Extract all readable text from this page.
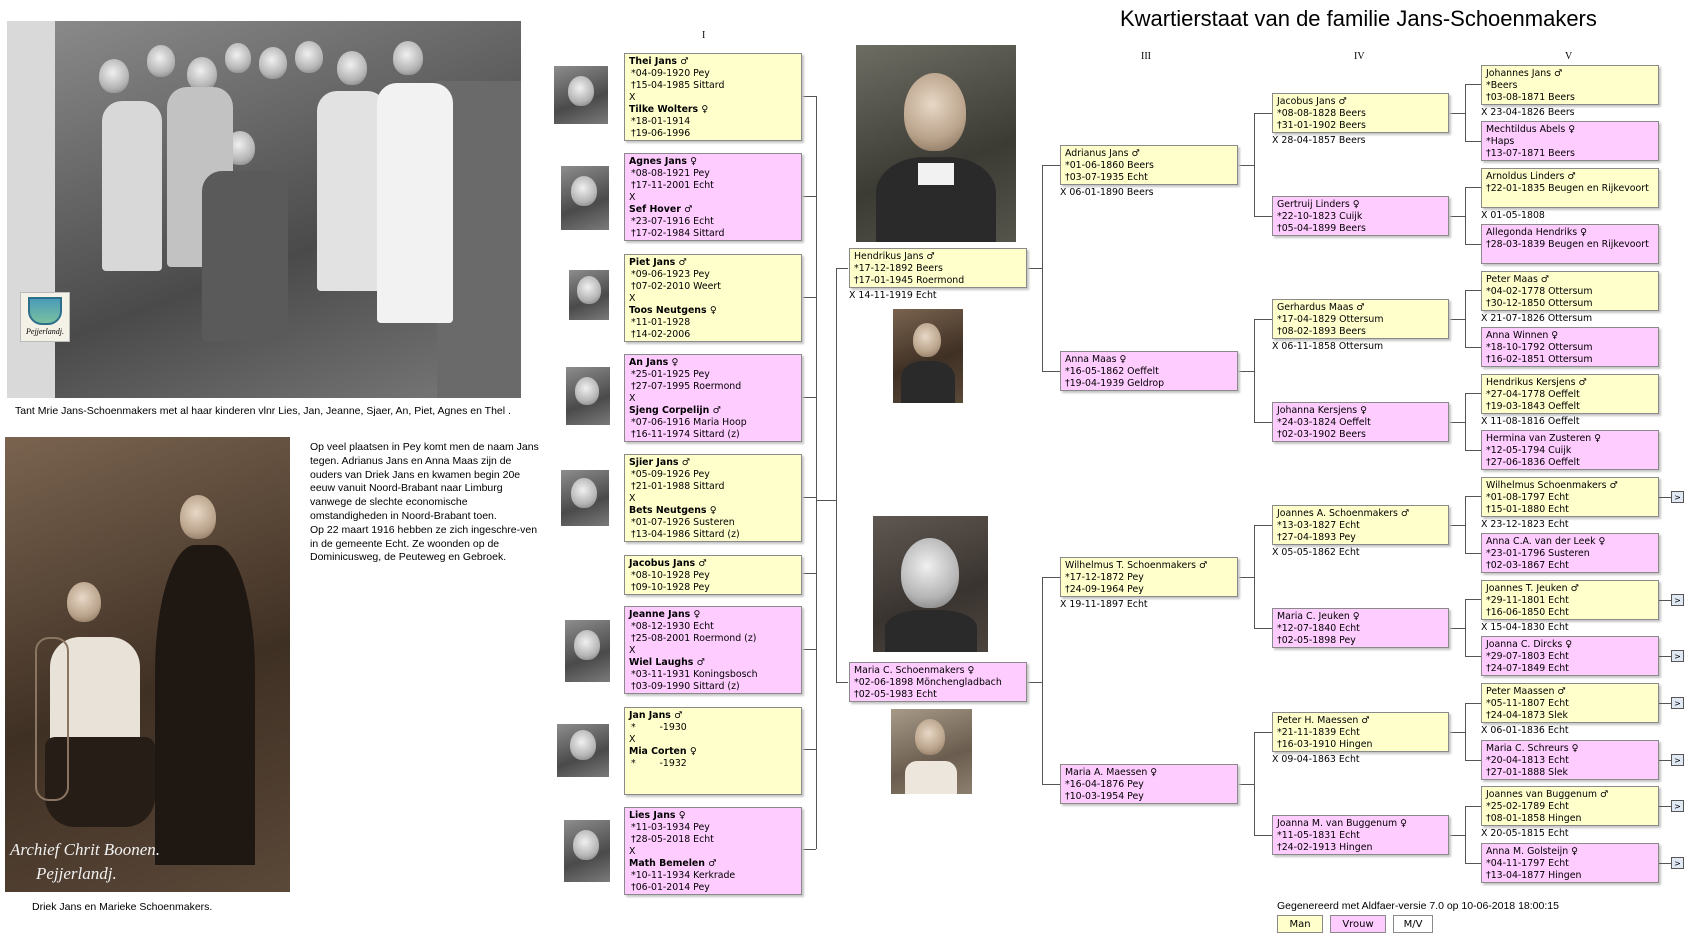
Kwartierstaat van de familie Jans-Schoenmakers
I
III	IV	V
Pejjerlandj.
Tant Mrie Jans-Schoenmakers met al haar kinderen vlnr Lies, Jan, Jeanne, Sjaer, An, Piet, Agnes en Thel .
Archief Chrit Boonen.
Pejjerlandj.
Driek Jans en Marieke Schoenmakers.
Op veel plaatsen in Pey komt men de naam Jans tegen. Adrianus Jans en Anna Maas zijn de ouders van Driek Jans en kwamen begin 20e eeuw vanuit Noord-Brabant naar Limburg vanwege de slechte economische omstandigheden in Noord-Brabant toen.
Op 22 maart 1916 hebben ze zich ingeschre-ven in de gemeente Echt. Ze woonden op de Dominicusweg, de Peuteweg en Gebroek.
Thei Jans ♂
*04-09-1920 Pey
†15-04-1985 Sittard
X
Tilke Wolters ♀
*18-01-1914
†19-06-1996
Agnes Jans ♀
*08-08-1921 Pey
†17-11-2001 Echt
X
Sef Hover ♂
*23-07-1916 Echt
†17-02-1984 Sittard
Piet Jans ♂
*09-06-1923 Pey
†07-02-2010 Weert
X
Toos Neutgens ♀
*11-01-1928
†14-02-2006
An Jans ♀
*25-01-1925 Pey
†27-07-1995 Roermond
X
Sjeng Corpelijn ♂
*07-06-1916 Maria Hoop
†16-11-1974 Sittard (z)
Sjier Jans ♂
*05-09-1926 Pey
†21-01-1988 Sittard
X
Bets Neutgens ♀
*01-07-1926 Susteren
†13-04-1986 Sittard (z)
Jacobus Jans ♂
*08-10-1928 Pey
†09-10-1928 Pey
Jeanne Jans ♀
*08-12-1930 Echt
†25-08-2001 Roermond (z)
X
Wiel Laughs ♂
*03-11-1931 Koningsbosch
†03-09-1990 Sittard (z)
Jan Jans ♂
*        -1930
X
Mia Corten ♀
*        -1932
Lies Jans ♀
*11-03-1934 Pey
†28-05-2018 Echt
X
Math Bemelen ♂
*10-11-1934 Kerkrade
†06-01-2014 Pey
Hendrikus Jans ♂
*17-12-1892 Beers
†17-01-1945 Roermond
X 14-11-1919 Echt
Maria C. Schoenmakers ♀
*02-06-1898 Mönchengladbach
†02-05-1983 Echt
Adrianus Jans ♂
*01-06-1860 Beers
†03-07-1935 Echt
X 06-01-1890 Beers
Anna Maas ♀
*16-05-1862 Oeffelt
†19-04-1939 Geldrop
Wilhelmus T. Schoenmakers ♂
*17-12-1872 Pey
†24-09-1964 Pey
X 19-11-1897 Echt
Maria A. Maessen ♀
*16-04-1876 Pey
†10-03-1954 Pey
Jacobus Jans ♂
*08-08-1828 Beers
†31-01-1902 Beers
X 28-04-1857 Beers
Gertruij Linders ♀
*22-10-1823 Cuijk
†05-04-1899 Beers
Gerhardus Maas ♂
*17-04-1829 Ottersum
†08-02-1893 Beers
X 06-11-1858 Ottersum
Johanna Kersjens ♀
*24-03-1824 Oeffelt
†02-03-1902 Beers
Joannes A. Schoenmakers ♂
*13-03-1827 Echt
†27-04-1893 Pey
X 05-05-1862 Echt
Maria C. Jeuken ♀
*12-07-1840 Echt
†02-05-1898 Pey
Peter H. Maessen ♂
*21-11-1839 Echt
†16-03-1910 Hingen
X 09-04-1863 Echt
Joanna M. van Buggenum ♀
*11-05-1831 Echt
†24-02-1913 Hingen
Johannes Jans ♂
*Beers
†03-08-1871 Beers
X 23-04-1826 Beers
Mechtildus Abels ♀
*Haps
†13-07-1871 Beers
Arnoldus Linders ♂
†22-01-1835 Beugen en Rijkevoort
X 01-05-1808
Allegonda Hendriks ♀
†28-03-1839 Beugen en Rijkevoort
Peter Maas ♂
*04-02-1778 Ottersum
†30-12-1850 Ottersum
X 21-07-1826 Ottersum
Anna Winnen ♀
*18-10-1792 Ottersum
†16-02-1851 Ottersum
Hendrikus Kersjens ♂
*27-04-1778 Oeffelt
†19-03-1843 Oeffelt
X 11-08-1816 Oeffelt
Hermina van Zusteren ♀
*12-05-1794 Cuijk
†27-06-1836 Oeffelt
Wilhelmus Schoenmakers ♂
*01-08-1797 Echt
†15-01-1880 Echt
X 23-12-1823 Echt
Anna C.A. van der Leek ♀
*23-01-1796 Susteren
†02-03-1867 Echt
Joannes T. Jeuken ♂
*29-11-1801 Echt
†16-06-1850 Echt
X 15-04-1830 Echt
Joanna C. Dircks ♀
*29-07-1803 Echt
†24-07-1849 Echt
Peter Maassen ♂
*05-11-1807 Echt
†24-04-1873 Slek
X 06-01-1836 Echt
Maria C. Schreurs ♀
*20-04-1813 Echt
†27-01-1888 Slek
Joannes van Buggenum ♂
*25-02-1789 Echt
†08-01-1858 Hingen
X 20-05-1815 Echt
Anna M. Golsteijn ♀
*04-11-1797 Echt
†13-04-1877 Hingen
>
>
>
>
>
>
>
Gegenereerd met Aldfaer-versie 7.0 op 10-06-2018 18:00:15
Man	Vrouw	M/V
